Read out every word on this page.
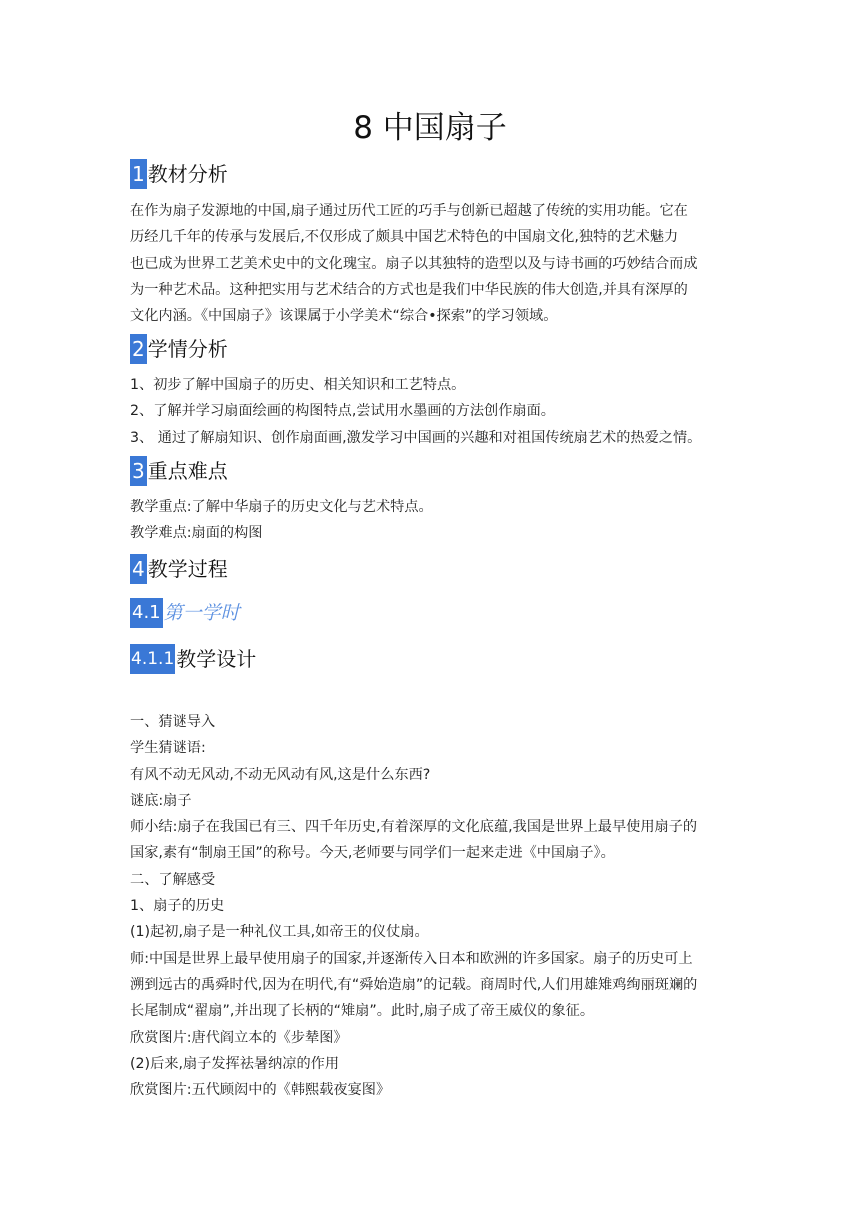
8 中国扇子
1 教材分析
在作为扇子发源地的中国,扇子通过历代工匠的巧手与创新已超越了传统的实用功能。它在
历经几千年的传承与发展后,不仅形成了颇具中国艺术特色的中国扇文化,独特的艺术魅力
也已成为世界工艺美术史中的文化瑰宝。扇子以其独特的造型以及与诗书画的巧妙结合而成
为一种艺术品。这种把实用与艺术结合的方式也是我们中华民族的伟大创造,并具有深厚的
文化内涵。《中国扇子》该课属于小学美术“综合•探索”的学习领域。
2 学情分析
1、初步了解中国扇子的历史、相关知识和工艺特点。
2、了解并学习扇面绘画的构图特点,尝试用水墨画的方法创作扇面。
3、 通过了解扇知识、创作扇面画,激发学习中国画的兴趣和对祖国传统扇艺术的热爱之情。
3 重点难点
教学重点:了解中华扇子的历史文化与艺术特点。
教学难点:扇面的构图
4 教学过程
4.1 第一学时
4.1.1 教学设计
一、猜谜导入
学生猜谜语:
有风不动无风动,不动无风动有风,这是什么东西?
谜底:扇子
师小结:扇子在我国已有三、四千年历史,有着深厚的文化底蕴,我国是世界上最早使用扇子的
国家,素有“制扇王国”的称号。今天,老师要与同学们一起来走进《中国扇子》。
二、了解感受
1、扇子的历史
(1)起初,扇子是一种礼仪工具,如帝王的仪仗扇。
师:中国是世界上最早使用扇子的国家,并逐渐传入日本和欧洲的许多国家。扇子的历史可上
溯到远古的禹舜时代,因为在明代,有“舜始造扇”的记载。商周时代,人们用雄雉鸡绚丽斑斓的
长尾制成“翟扇”,并出现了长柄的“雉扇”。此时,扇子成了帝王威仪的象征。
欣赏图片:唐代阎立本的《步辇图》
(2)后来,扇子发挥祛暑纳凉的作用
欣赏图片:五代顾闳中的《韩熙载夜宴图》
